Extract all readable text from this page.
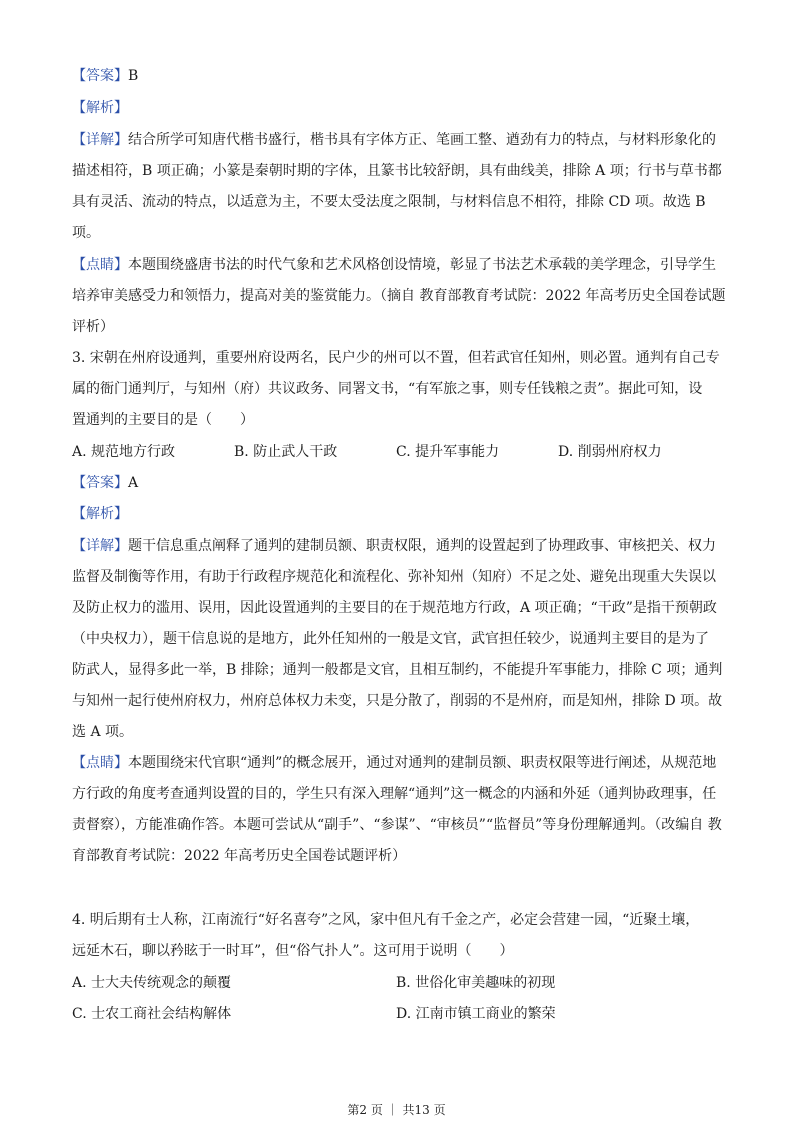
【答案】B
【解析】
【详解】结合所学可知唐代楷书盛行，楷书具有字体方正、笔画工整、遒劲有力的特点，与材料形象化的
描述相符，B 项正确；小篆是秦朝时期的字体，且篆书比较舒朗，具有曲线美，排除 A 项；行书与草书都
具有灵活、流动的特点，以适意为主，不要太受法度之限制，与材料信息不相符，排除 CD 项。故选 B
项。
【点睛】本题围绕盛唐书法的时代气象和艺术风格创设情境，彰显了书法艺术承载的美学理念，引导学生
培养审美感受力和领悟力，提高对美的鉴赏能力。（摘自 教育部教育考试院：2022 年高考历史全国卷试题
评析）
3. 宋朝在州府设通判，重要州府设两名，民户少的州可以不置，但若武官任知州，则必置。通判有自己专
属的衙门通判厅，与知州（府）共议政务、同署文书，“有军旅之事，则专任钱粮之责”。据此可知，设
置通判的主要目的是（　　）
A. 规范地方行政	B. 防止武人干政	C. 提升军事能力	D. 削弱州府权力
【答案】A
【解析】
【详解】题干信息重点阐释了通判的建制员额、职责权限，通判的设置起到了协理政事、审核把关、权力
监督及制衡等作用，有助于行政程序规范化和流程化、弥补知州（知府）不足之处、避免出现重大失误以
及防止权力的滥用、误用，因此设置通判的主要目的在于规范地方行政，A 项正确；“干政”是指干预朝政
（中央权力），题干信息说的是地方，此外任知州的一般是文官，武官担任较少，说通判主要目的是为了
防武人，显得多此一举，B 排除；通判一般都是文官，且相互制约，不能提升军事能力，排除 C 项；通判
与知州一起行使州府权力，州府总体权力未变，只是分散了，削弱的不是州府，而是知州，排除 D 项。故
选 A 项。
【点睛】本题围绕宋代官职“通判”的概念展开，通过对通判的建制员额、职责权限等进行阐述，从规范地
方行政的角度考查通判设置的目的，学生只有深入理解“通判”这一概念的内涵和外延（通判协政理事，任
责督察），方能准确作答。本题可尝试从“副手”、“参谋”、“审核员”“监督员”等身份理解通判。（改编自 教
育部教育考试院：2022 年高考历史全国卷试题评析）
4. 明后期有士人称，江南流行“好名喜夸”之风，家中但凡有千金之产，必定会营建一园，“近聚土壤，
远延木石，聊以矜眩于一时耳”，但“俗气扑人”。这可用于说明（　　）
A. 士大夫传统观念的颠覆	B. 世俗化审美趣味的初现
C. 士农工商社会结构解体	D. 江南市镇工商业的繁荣
第2 页 ｜ 共13 页
